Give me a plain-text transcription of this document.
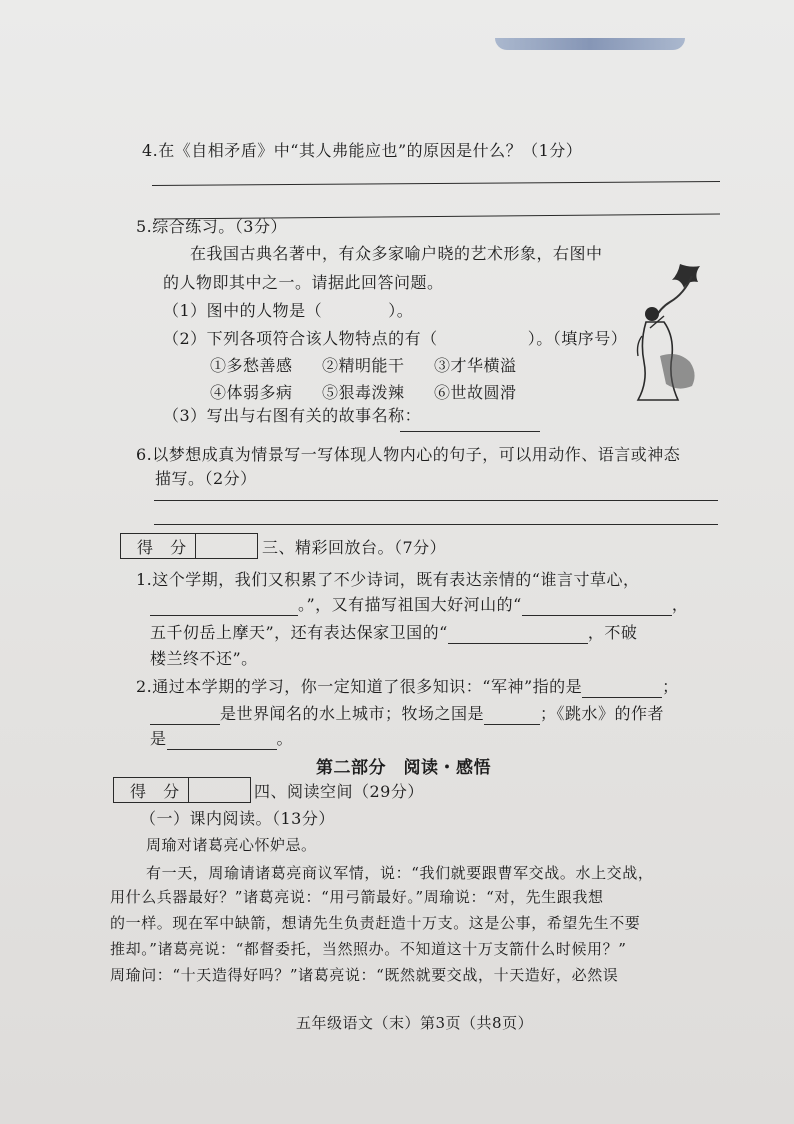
4.在《自相矛盾》中“其人弗能应也”的原因是什么？（1分）
5.综合练习。（3分）
在我国古典名著中，有众多家喻户晓的艺术形象，右图中
的人物即其中之一。请据此回答问题。
（1）图中的人物是（	）。
（2）下列各项符合该人物特点的有（	）。（填序号）
①多愁善感 ②精明能干 ③才华横溢
④体弱多病 ⑤狠毒泼辣 ⑥世故圆滑
（3）写出与右图有关的故事名称：
6.以梦想成真为情景写一写体现人物内心的句子，可以用动作、语言或神态
描写。（2分）
得 分	三、精彩回放台。（7分）
1.这个学期，我们又积累了不少诗词，既有表达亲情的“谁言寸草心，
。”，又有描写祖国大好河山的“	，
五千仞岳上摩天”，还有表达保家卫国的“	，不破
楼兰终不还”。
2.通过本学期的学习，你一定知道了很多知识：“军神”指的是	；
是世界闻名的水上城市；牧场之国是	；《跳水》的作者
是	。
第二部分　阅读・感悟
得 分	四、阅读空间（29分）
（一）课内阅读。（13分）
周瑜对诸葛亮心怀妒忌。
有一天，周瑜请诸葛亮商议军情，说：“我们就要跟曹军交战。水上交战，
用什么兵器最好？”诸葛亮说：“用弓箭最好。”周瑜说：“对，先生跟我想
的一样。现在军中缺箭，想请先生负责赶造十万支。这是公事，希望先生不要
推却。”诸葛亮说：“都督委托，当然照办。不知道这十万支箭什么时候用？”
周瑜问：“十天造得好吗？”诸葛亮说：“既然就要交战，十天造好，必然误
五年级语文（末）第3页（共8页）
